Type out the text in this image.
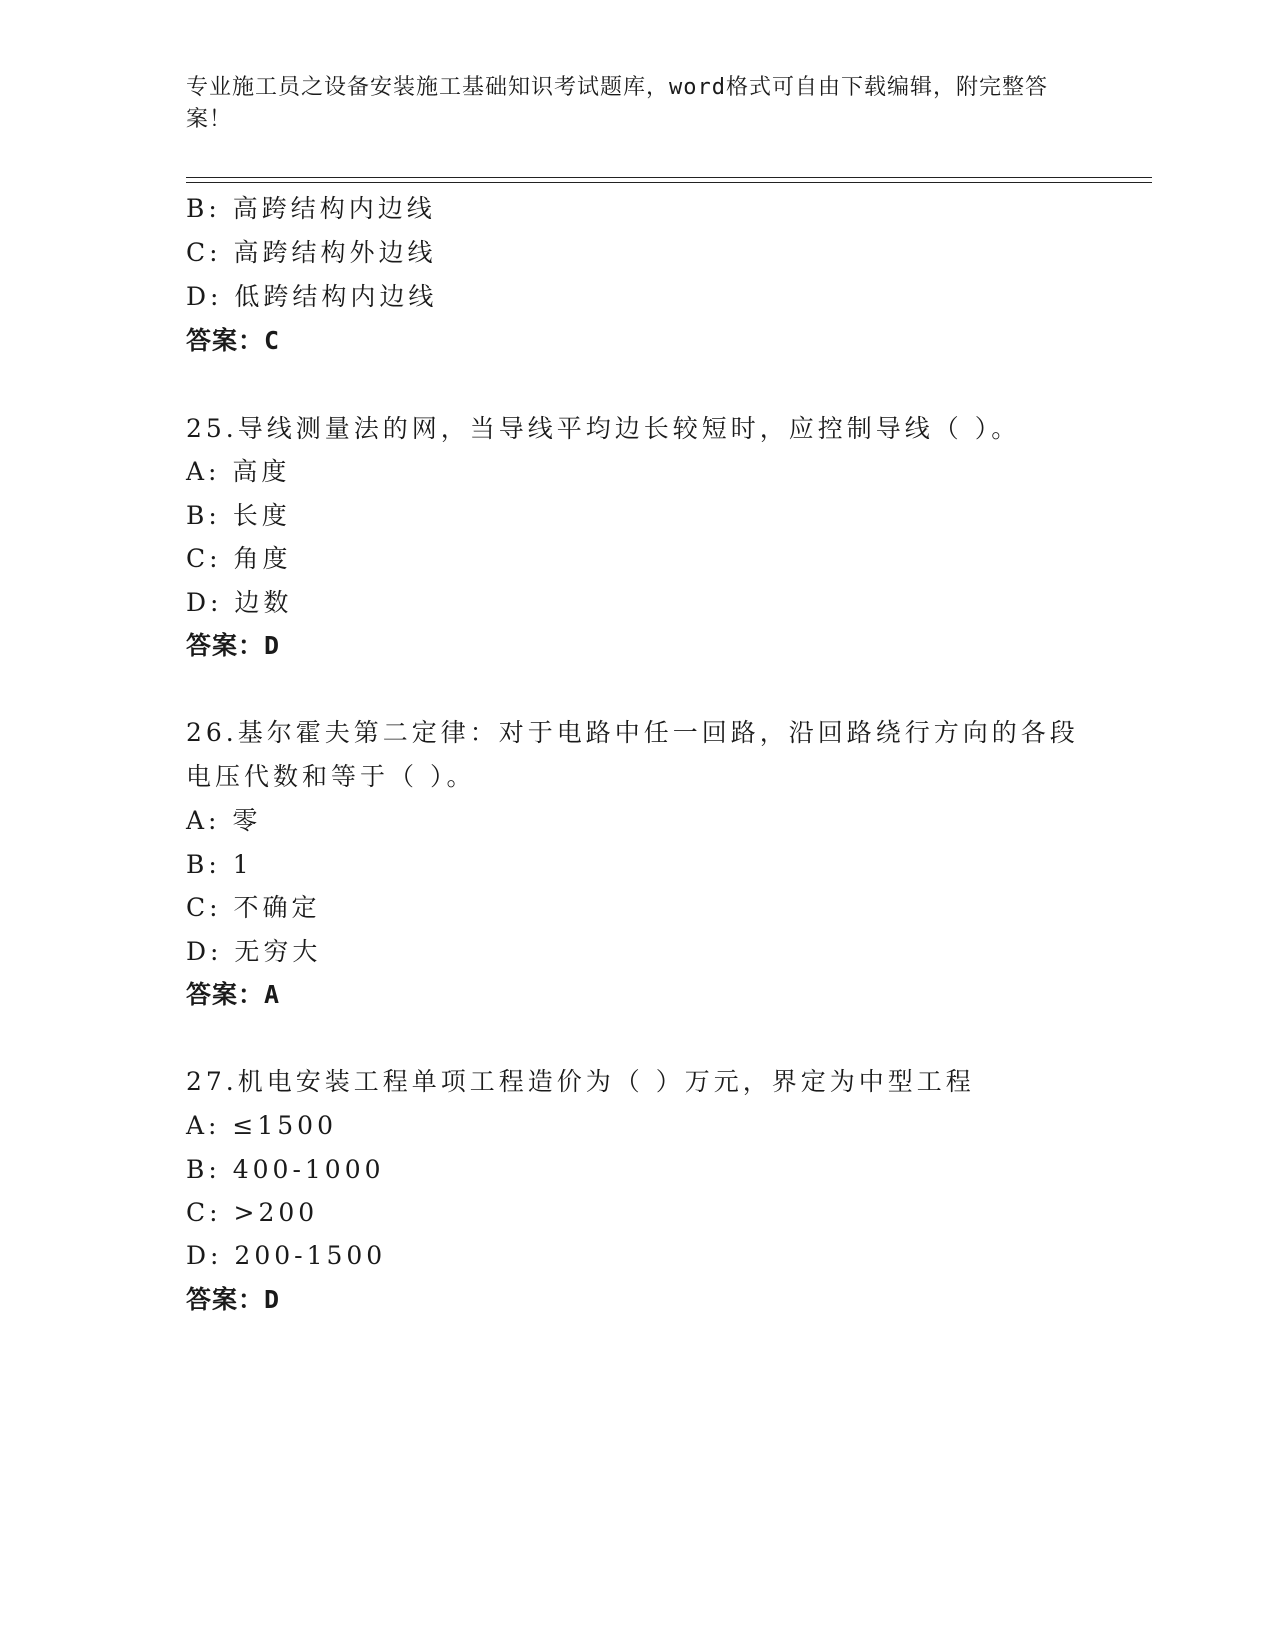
专业施工员之设备安装施工基础知识考试题库，word格式可自由下载编辑，附完整答案！
B: 高跨结构内边线
C: 高跨结构外边线
D: 低跨结构内边线
答案：C
25.导线测量法的网，当导线平均边长较短时，应控制导线（ ）。
A: 高度
B: 长度
C: 角度
D: 边数
答案：D
26.基尔霍夫第二定律：对于电路中任一回路，沿回路绕行方向的各段
电压代数和等于（ ）。
A: 零
B: 1
C: 不确定
D: 无穷大
答案：A
27.机电安装工程单项工程造价为（ ）万元，界定为中型工程
A: ≤1500
B: 400-1000
C: >200
D: 200-1500
答案：D
